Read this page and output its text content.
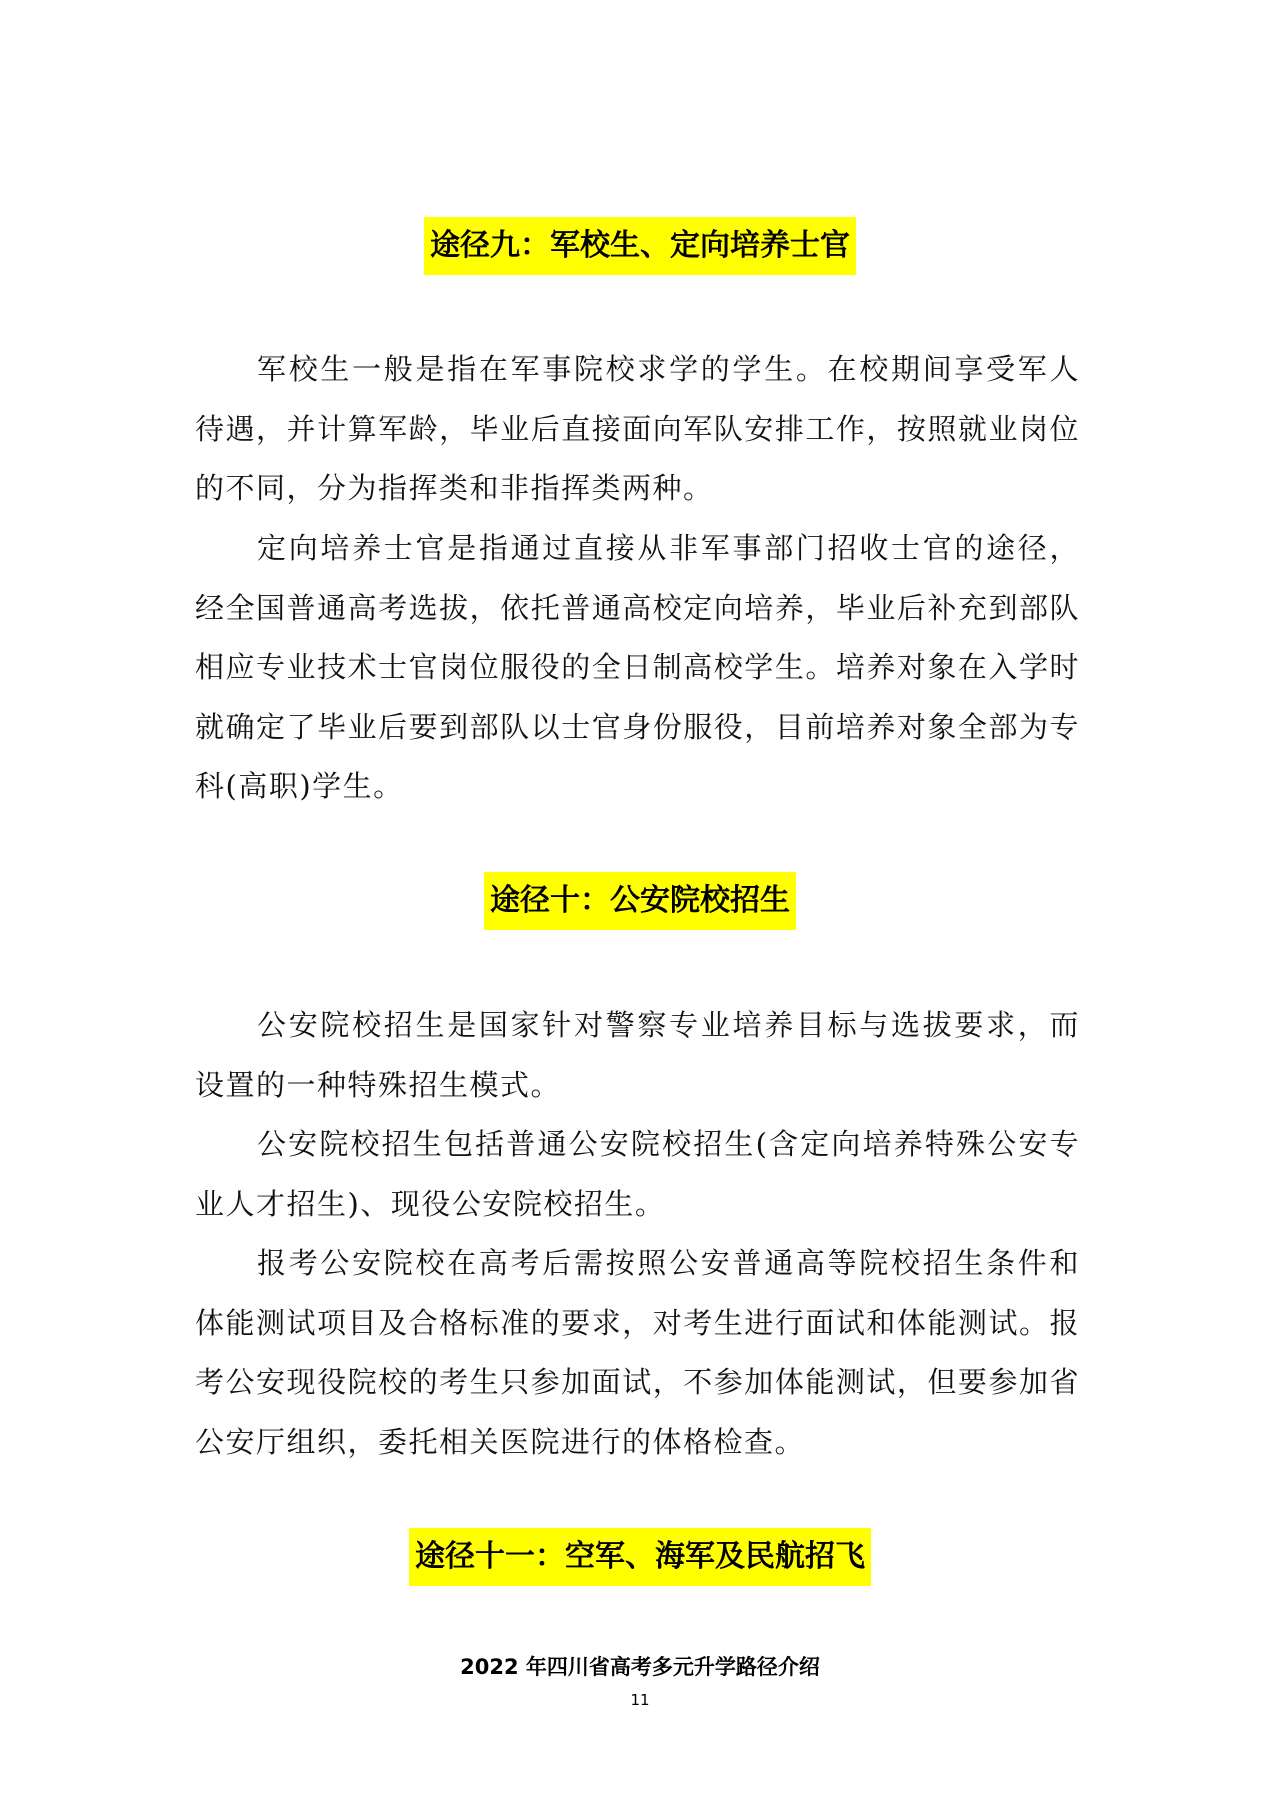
途径九：军校生、定向培养士官

军校生一般是指在军事院校求学的学生。在校期间享受军人待遇，并计算军龄，毕业后直接面向军队安排工作，按照就业岗位的不同，分为指挥类和非指挥类两种。

定向培养士官是指通过直接从非军事部门招收士官的途径，经全国普通高考选拔，依托普通高校定向培养，毕业后补充到部队相应专业技术士官岗位服役的全日制高校学生。培养对象在入学时就确定了毕业后要到部队以士官身份服役，目前培养对象全部为专科(高职)学生。

途径十：公安院校招生

公安院校招生是国家针对警察专业培养目标与选拔要求，而设置的一种特殊招生模式。

公安院校招生包括普通公安院校招生(含定向培养特殊公安专业人才招生)、现役公安院校招生。

报考公安院校在高考后需按照公安普通高等院校招生条件和体能测试项目及合格标准的要求，对考生进行面试和体能测试。报考公安现役院校的考生只参加面试，不参加体能测试，但要参加省公安厅组织，委托相关医院进行的体格检查。

途径十一：空军、海军及民航招飞
2022 年四川省高考多元升学路径介绍
11
